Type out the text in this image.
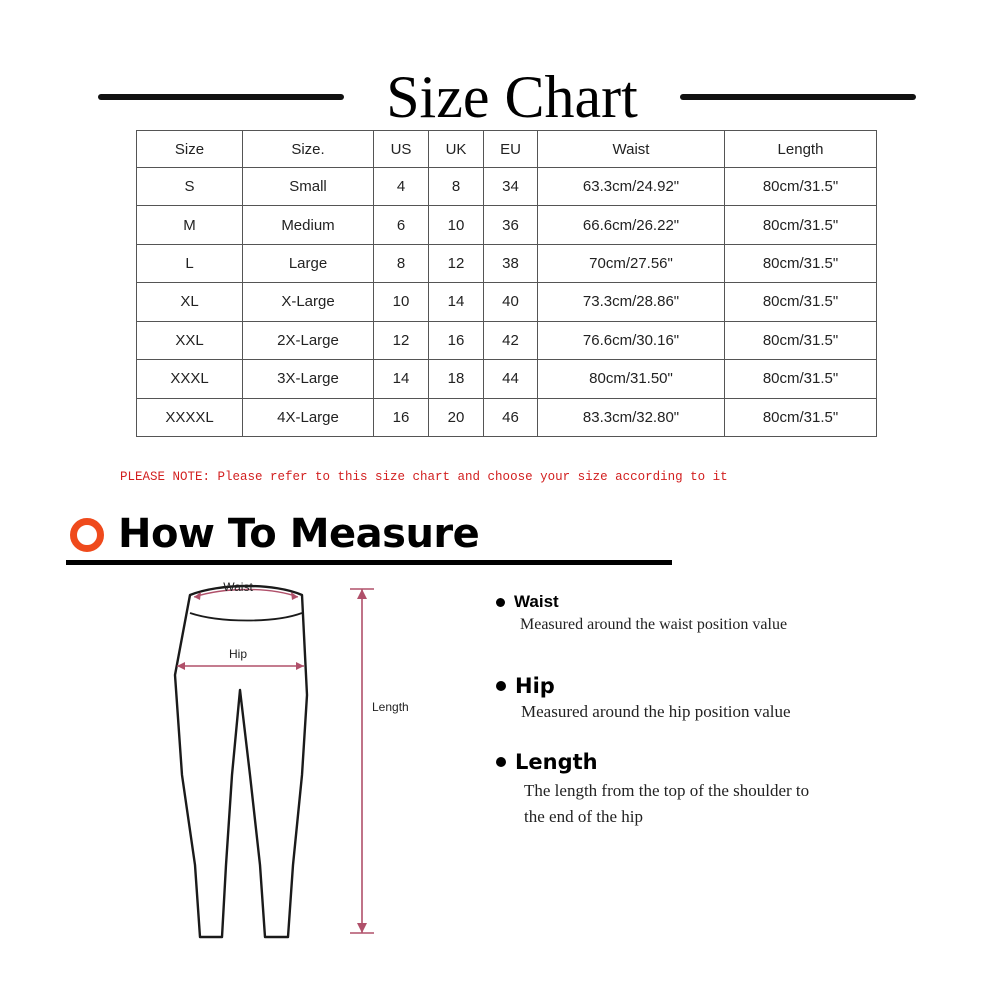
Size Chart
Size	Size.	US	UK	EU	Waist	Length
S	Small	4	8	34	63.3cm/24.92"	80cm/31.5"
M	Medium	6	10	36	66.6cm/26.22"	80cm/31.5"
L	Large	8	12	38	70cm/27.56"	80cm/31.5"
XL	X-Large	10	14	40	73.3cm/28.86"	80cm/31.5"
XXL	2X-Large	12	16	42	76.6cm/30.16"	80cm/31.5"
XXXL	3X-Large	14	18	44	80cm/31.50"	80cm/31.5"
XXXXL	4X-Large	16	20	46	83.3cm/32.80"	80cm/31.5"
PLEASE NOTE: Please refer to this size chart and choose your size according to it
How To Measure
Waist
Hip
Length
Waist
Measured around the waist position value
Hip
Measured around the hip position value
Length
The length from the top of the shoulder to
the end of the hip
